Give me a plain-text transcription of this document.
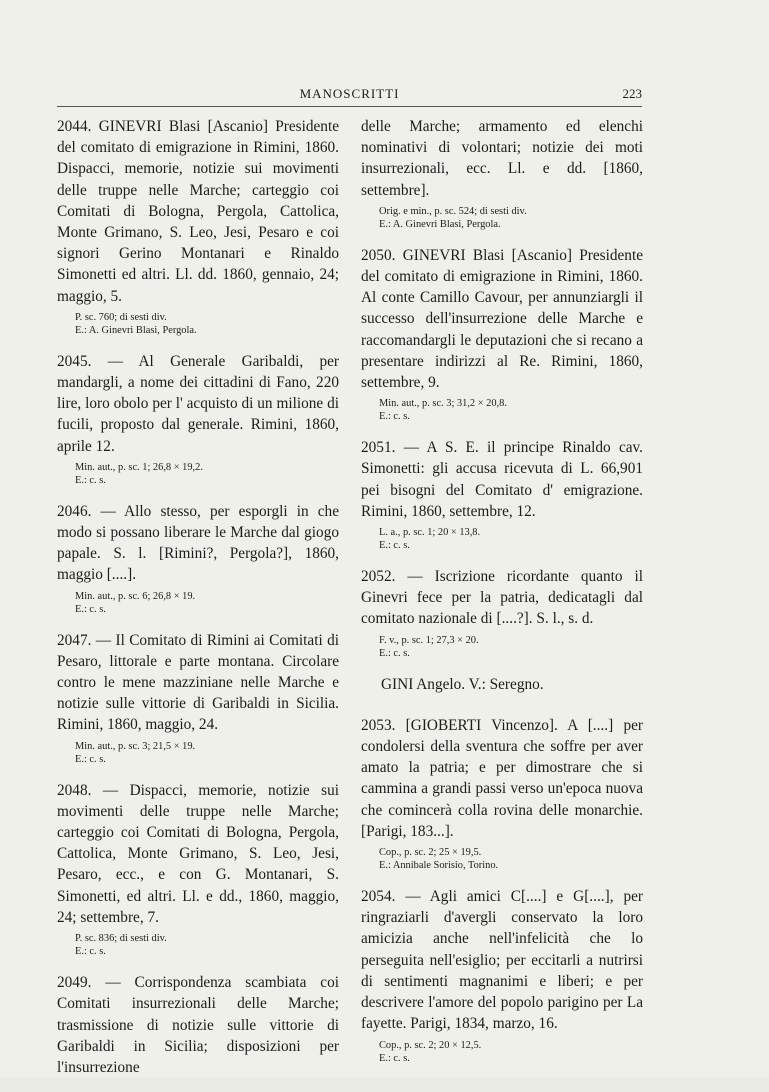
MANOSCRITTI	223
2044. GINEVRI Blasi [Ascanio] Presidente del comitato di emigrazione in Rimini, 1860. Dispacci, memorie, notizie sui movimenti delle truppe nelle Marche; carteggio coi Comitati di Bologna, Pergola, Cattolica, Monte Grimano, S. Leo, Jesi, Pesaro e coi signori Gerino Montanari e Rinaldo Simonetti ed altri. Ll. dd. 1860, gennaio, 24; maggio, 5.
P. sc. 760; di sesti div.
E.: A. Ginevri Blasi, Pergola.
2045. — Al Generale Garibaldi, per mandargli, a nome dei cittadini di Fano, 220 lire, loro obolo per l' acquisto di un milione di fucili, proposto dal generale. Rimini, 1860, aprile 12.
Min. aut., p. sc. 1; 26,8 × 19,2.
E.: c. s.
2046. — Allo stesso, per esporgli in che modo si possano liberare le Marche dal giogo papale. S. l. [Rimini?, Pergola?], 1860, maggio [....].
Min. aut., p. sc. 6; 26,8 × 19.
E.: c. s.
2047. — Il Comitato di Rimini ai Comitati di Pesaro, littorale e parte montana. Circolare contro le mene mazziniane nelle Marche e notizie sulle vittorie di Garibaldi in Sicilia. Rimini, 1860, maggio, 24.
Min. aut., p. sc. 3; 21,5 × 19.
E.: c. s.
2048. — Dispacci, memorie, notizie sui movimenti delle truppe nelle Marche; carteggio coi Comitati di Bologna, Pergola, Cattolica, Monte Grimano, S. Leo, Jesi, Pesaro, ecc., e con G. Montanari, S. Simonetti, ed altri. Ll. e dd., 1860, maggio, 24; settembre, 7.
P. sc. 836; di sesti div.
E.: c. s.
2049. — Corrispondenza scambiata coi Comitati insurrezionali delle Marche; trasmissione di notizie sulle vittorie di Garibaldi in Sicilia; disposizioni per l'insurrezione
delle Marche; armamento ed elenchi nominativi di volontari; notizie dei moti insurrezionali, ecc. Ll. e dd. [1860, settembre].
Orig. e min., p. sc. 524; di sesti div.
E.: A. Ginevri Blasi, Pergola.
2050. GINEVRI Blasi [Ascanio] Presidente del comitato di emigrazione in Rimini, 1860. Al conte Camillo Cavour, per annunziargli il successo dell'insurrezione delle Marche e raccomandargli le deputazioni che si recano a presentare indirizzi al Re. Rimini, 1860, settembre, 9.
Min. aut., p. sc. 3; 31,2 × 20,8.
E.: c. s.
2051. — A S. E. il principe Rinaldo cav. Simonetti: gli accusa ricevuta di L. 66,901 pei bisogni del Comitato d' emigrazione. Rimini, 1860, settembre, 12.
L. a., p. sc. 1; 20 × 13,8.
E.: c. s.
2052. — Iscrizione ricordante quanto il Ginevri fece per la patria, dedicatagli dal comitato nazionale di [....?]. S. l., s. d.
F. v., p. sc. 1; 27,3 × 20.
E.: c. s.
GINI Angelo. V.: Seregno.
2053. [GIOBERTI Vincenzo]. A [....] per condolersi della sventura che soffre per aver amato la patria; e per dimostrare che si cammina a grandi passi verso un'epoca nuova che comincerà colla rovina delle monarchie. [Parigi, 183...].
Cop., p. sc. 2; 25 × 19,5.
E.: Annibale Sorisio, Torino.
2054. — Agli amici C[....] e G[....], per ringraziarli d'avergli conservato la loro amicizia anche nell'infelicità che lo perseguita nell'esiglio; per eccitarli a nutrirsi di sentimenti magnanimi e liberi; e per descrivere l'amore del popolo parigino per La fayette. Parigi, 1834, marzo, 16.
Cop., p. sc. 2; 20 × 12,5.
E.: c. s.
